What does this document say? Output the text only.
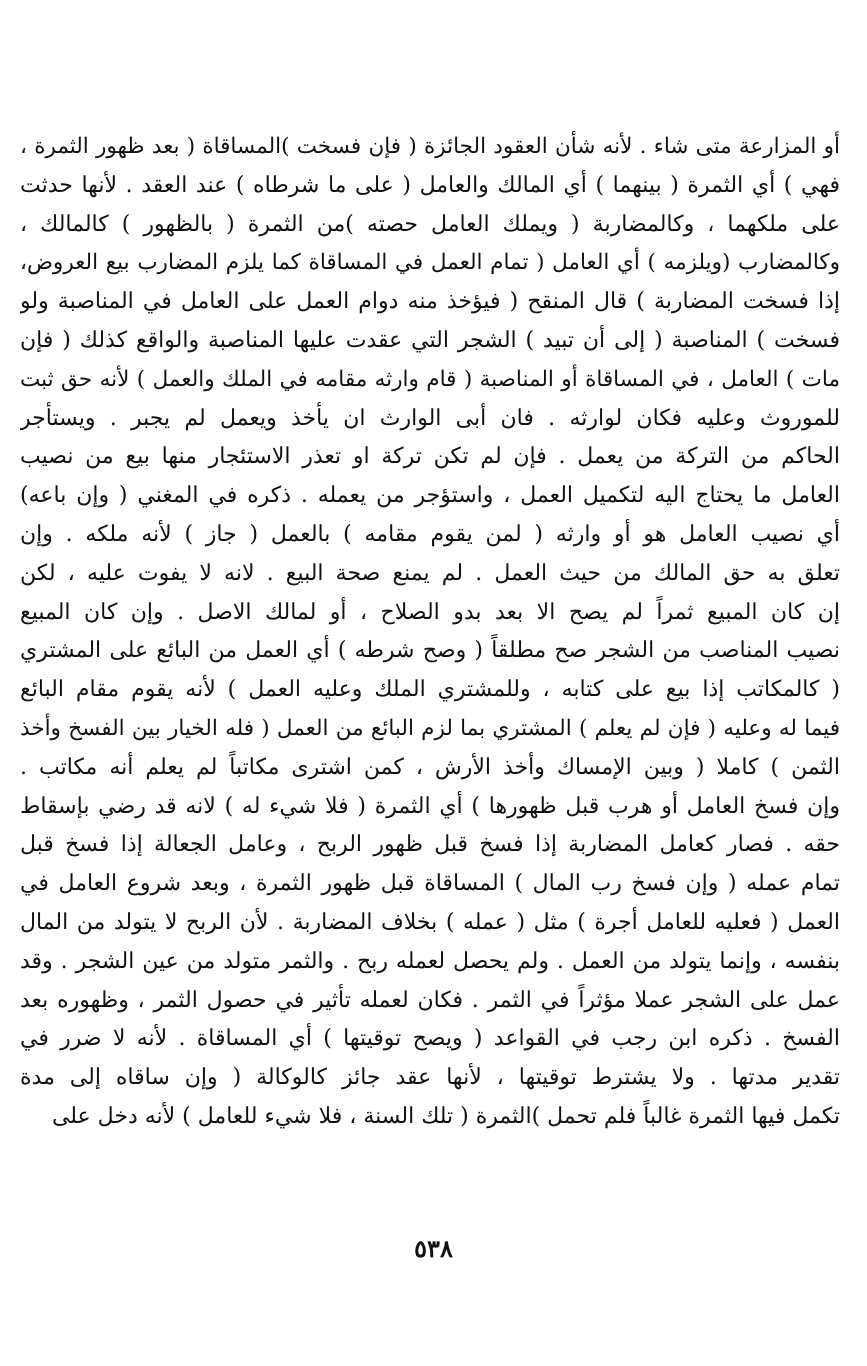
أو المزارعة متى شاء . لأنه شأن العقود الجائزة ( فإن فسخت )المساقاة ( بعد ظهور الثمرة ،
فهي ) أي الثمرة ( بينهما ) أي المالك والعامل ( على ما شرطاه ) عند العقد . لأنها حدثت
على ملكهما ، وكالمضاربة ( ويملك العامل حصته )من الثمرة ( بالظهور ) كالمالك ،
وكالمضارب (ويلزمه ) أي العامل ( تمام العمل في المساقاة كما يلزم المضارب بيع العروض،
إذا فسخت المضاربة ) قال المنقح ( فيؤخذ منه دوام العمل على العامل في المناصبة ولو
فسخت ) المناصبة ( إلى أن تبيد ) الشجر التي عقدت عليها المناصبة والواقع كذلك ( فإن
مات ) العامل ، في المساقاة أو المناصبة ( قام وارثه مقامه في الملك والعمل ) لأنه حق ثبت
للموروث وعليه فكان لوارثه . فان أبى الوارث ان يأخذ ويعمل لم يجبر . ويستأجر
الحاكم من التركة من يعمل . فإن لم تكن تركة او تعذر الاستئجار منها بيع من نصيب
العامل ما يحتاج اليه لتكميل العمل ، واستؤجر من يعمله . ذكره في المغني ( وإن باعه)
أي نصيب العامل هو أو وارثه ( لمن يقوم مقامه ) بالعمل ( جاز ) لأنه ملكه . وإن
تعلق به حق المالك من حيث العمل . لم يمنع صحة البيع . لانه لا يفوت عليه ، لكن
إن كان المبيع ثمراً لم يصح الا بعد بدو الصلاح ، أو لمالك الاصل . وإن كان المبيع
نصيب المناصب من الشجر صح مطلقاً ( وصح شرطه ) أي العمل من البائع على المشتري
( كالمكاتب إذا بيع على كتابه ، وللمشتري الملك وعليه العمل ) لأنه يقوم مقام البائع
فيما له وعليه ( فإن لم يعلم ) المشتري بما لزم البائع من العمل ( فله الخيار بين الفسخ وأخذ
الثمن ) كاملا ( وبين الإمساك وأخذ الأرش ، كمن اشترى مكاتباً لم يعلم أنه مكاتب .
وإن فسخ العامل أو هرب قبل ظهورها ) أي الثمرة ( فلا شيء له ) لانه قد رضي بإسقاط
حقه . فصار كعامل المضاربة إذا فسخ قبل ظهور الربح ، وعامل الجعالة إذا فسخ قبل
تمام عمله ( وإن فسخ رب المال ) المساقاة قبل ظهور الثمرة ، وبعد شروع العامل في
العمل ( فعليه للعامل أجرة ) مثل ( عمله ) بخلاف المضاربة . لأن الربح لا يتولد من المال
بنفسه ، وإنما يتولد من العمل . ولم يحصل لعمله ربح . والثمر متولد من عين الشجر . وقد
عمل على الشجر عملا مؤثراً في الثمر . فكان لعمله تأثير في حصول الثمر ، وظهوره بعد
الفسخ . ذكره ابن رجب في القواعد ( ويصح توقيتها ) أي المساقاة . لأنه لا ضرر في
تقدير مدتها . ولا يشترط توقيتها ، لأنها عقد جائز كالوكالة ( وإن ساقاه إلى مدة
تكمل فيها الثمرة غالباً فلم تحمل )الثمرة ( تلك السنة ، فلا شيء للعامل ) لأنه دخل على
٥٣٨
